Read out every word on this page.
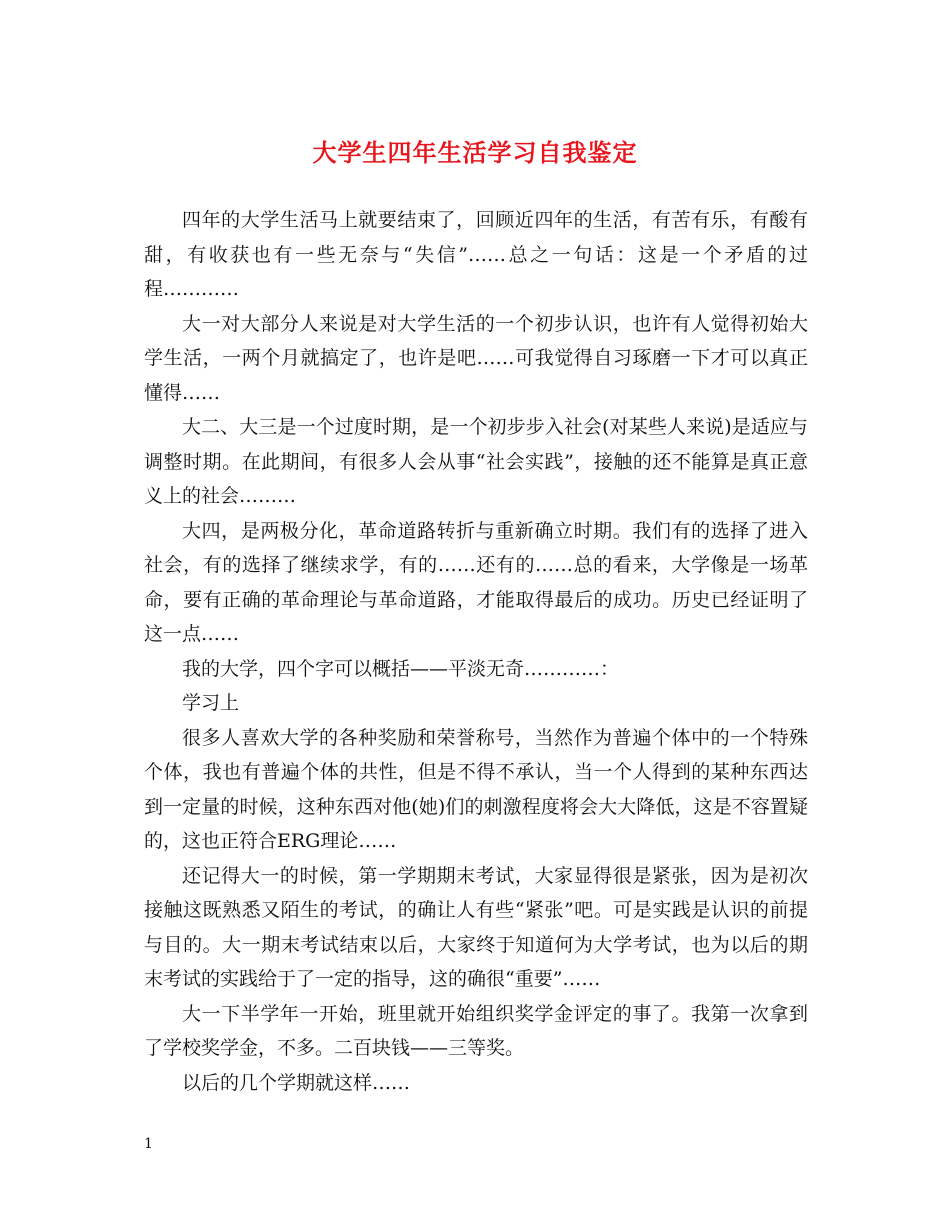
大学生四年生活学习自我鉴定

四年的大学生活马上就要结束了，回顾近四年的生活，有苦有乐，有酸有甜，有收获也有一些无奈与“失信”……总之一句话：这是一个矛盾的过程…………

大一对大部分人来说是对大学生活的一个初步认识，也许有人觉得初始大学生活，一两个月就搞定了，也许是吧……可我觉得自习琢磨一下才可以真正懂得……

大二、大三是一个过度时期，是一个初步步入社会(对某些人来说)是适应与调整时期。在此期间，有很多人会从事“社会实践”，接触的还不能算是真正意义上的社会………

大四，是两极分化，革命道路转折与重新确立时期。我们有的选择了进入社会，有的选择了继续求学，有的……还有的……总的看来，大学像是一场革命，要有正确的革命理论与革命道路，才能取得最后的成功。历史已经证明了这一点……

我的大学，四个字可以概括——平淡无奇…………：

学习上

很多人喜欢大学的各种奖励和荣誉称号，当然作为普遍个体中的一个特殊个体，我也有普遍个体的共性，但是不得不承认，当一个人得到的某种东西达到一定量的时候，这种东西对他(她)们的刺激程度将会大大降低，这是不容置疑的，这也正符合ERG理论……

还记得大一的时候，第一学期期末考试，大家显得很是紧张，因为是初次接触这既熟悉又陌生的考试，的确让人有些“紧张”吧。可是实践是认识的前提与目的。大一期末考试结束以后，大家终于知道何为大学考试，也为以后的期末考试的实践给于了一定的指导，这的确很“重要”……

大一下半学年一开始，班里就开始组织奖学金评定的事了。我第一次拿到了学校奖学金，不多。二百块钱——三等奖。

以后的几个学期就这样……

1
